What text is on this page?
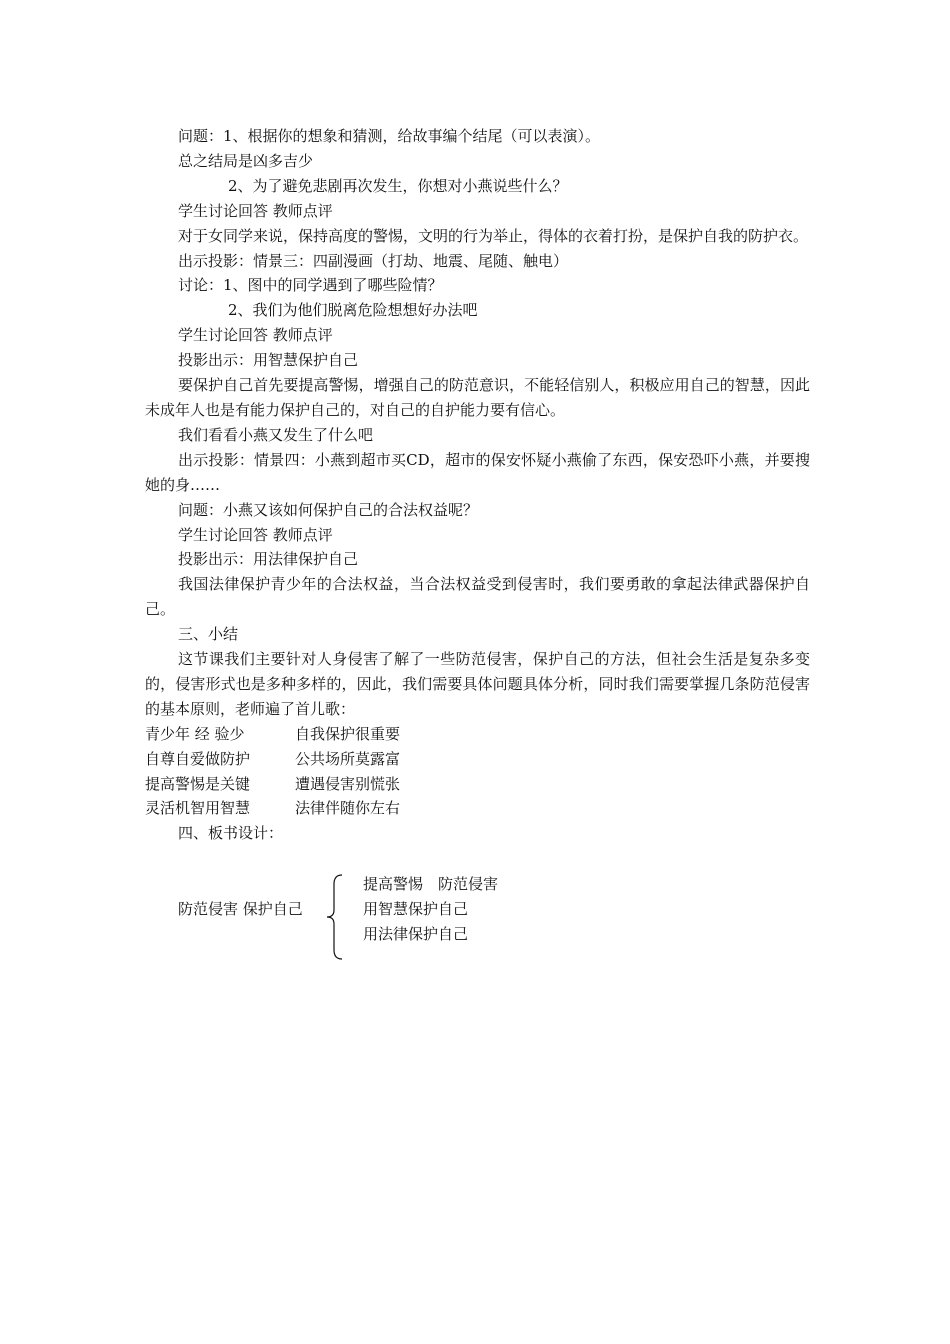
问题：1、根据你的想象和猜测，给故事编个结尾（可以表演）。
总之结局是凶多吉少
2、为了避免悲剧再次发生，你想对小燕说些什么？
学生讨论回答 教师点评
对于女同学来说，保持高度的警惕，文明的行为举止，得体的衣着打扮，是保护自我的防护衣。
出示投影：情景三：四副漫画（打劫、地震、尾随、触电）
讨论：1、图中的同学遇到了哪些险情？
2、我们为他们脱离危险想想好办法吧
学生讨论回答 教师点评
投影出示：用智慧保护自己
要保护自己首先要提高警惕，增强自己的防范意识，不能轻信别人，积极应用自己的智慧，因此未成年人也是有能力保护自己的，对自己的自护能力要有信心。
我们看看小燕又发生了什么吧
出示投影：情景四：小燕到超市买CD，超市的保安怀疑小燕偷了东西，保安恐吓小燕，并要搜她的身……
问题：小燕又该如何保护自己的合法权益呢？
学生讨论回答 教师点评
投影出示：用法律保护自己
我国法律保护青少年的合法权益，当合法权益受到侵害时，我们要勇敢的拿起法律武器保护自己。
三、小结
这节课我们主要针对人身侵害了解了一些防范侵害，保护自己的方法，但社会生活是复杂多变的，侵害形式也是多种多样的，因此，我们需要具体问题具体分析，同时我们需要掌握几条防范侵害的基本原则，老师遍了首儿歌：
青少年 经 验少	自我保护很重要
自尊自爱做防护	公共场所莫露富
提高警惕是关键	遭遇侵害别慌张
灵活机智用智慧	法律伴随你左右
四、板书设计：
防范侵害 保护自己
提高警惕　防范侵害
用智慧保护自己
用法律保护自己
